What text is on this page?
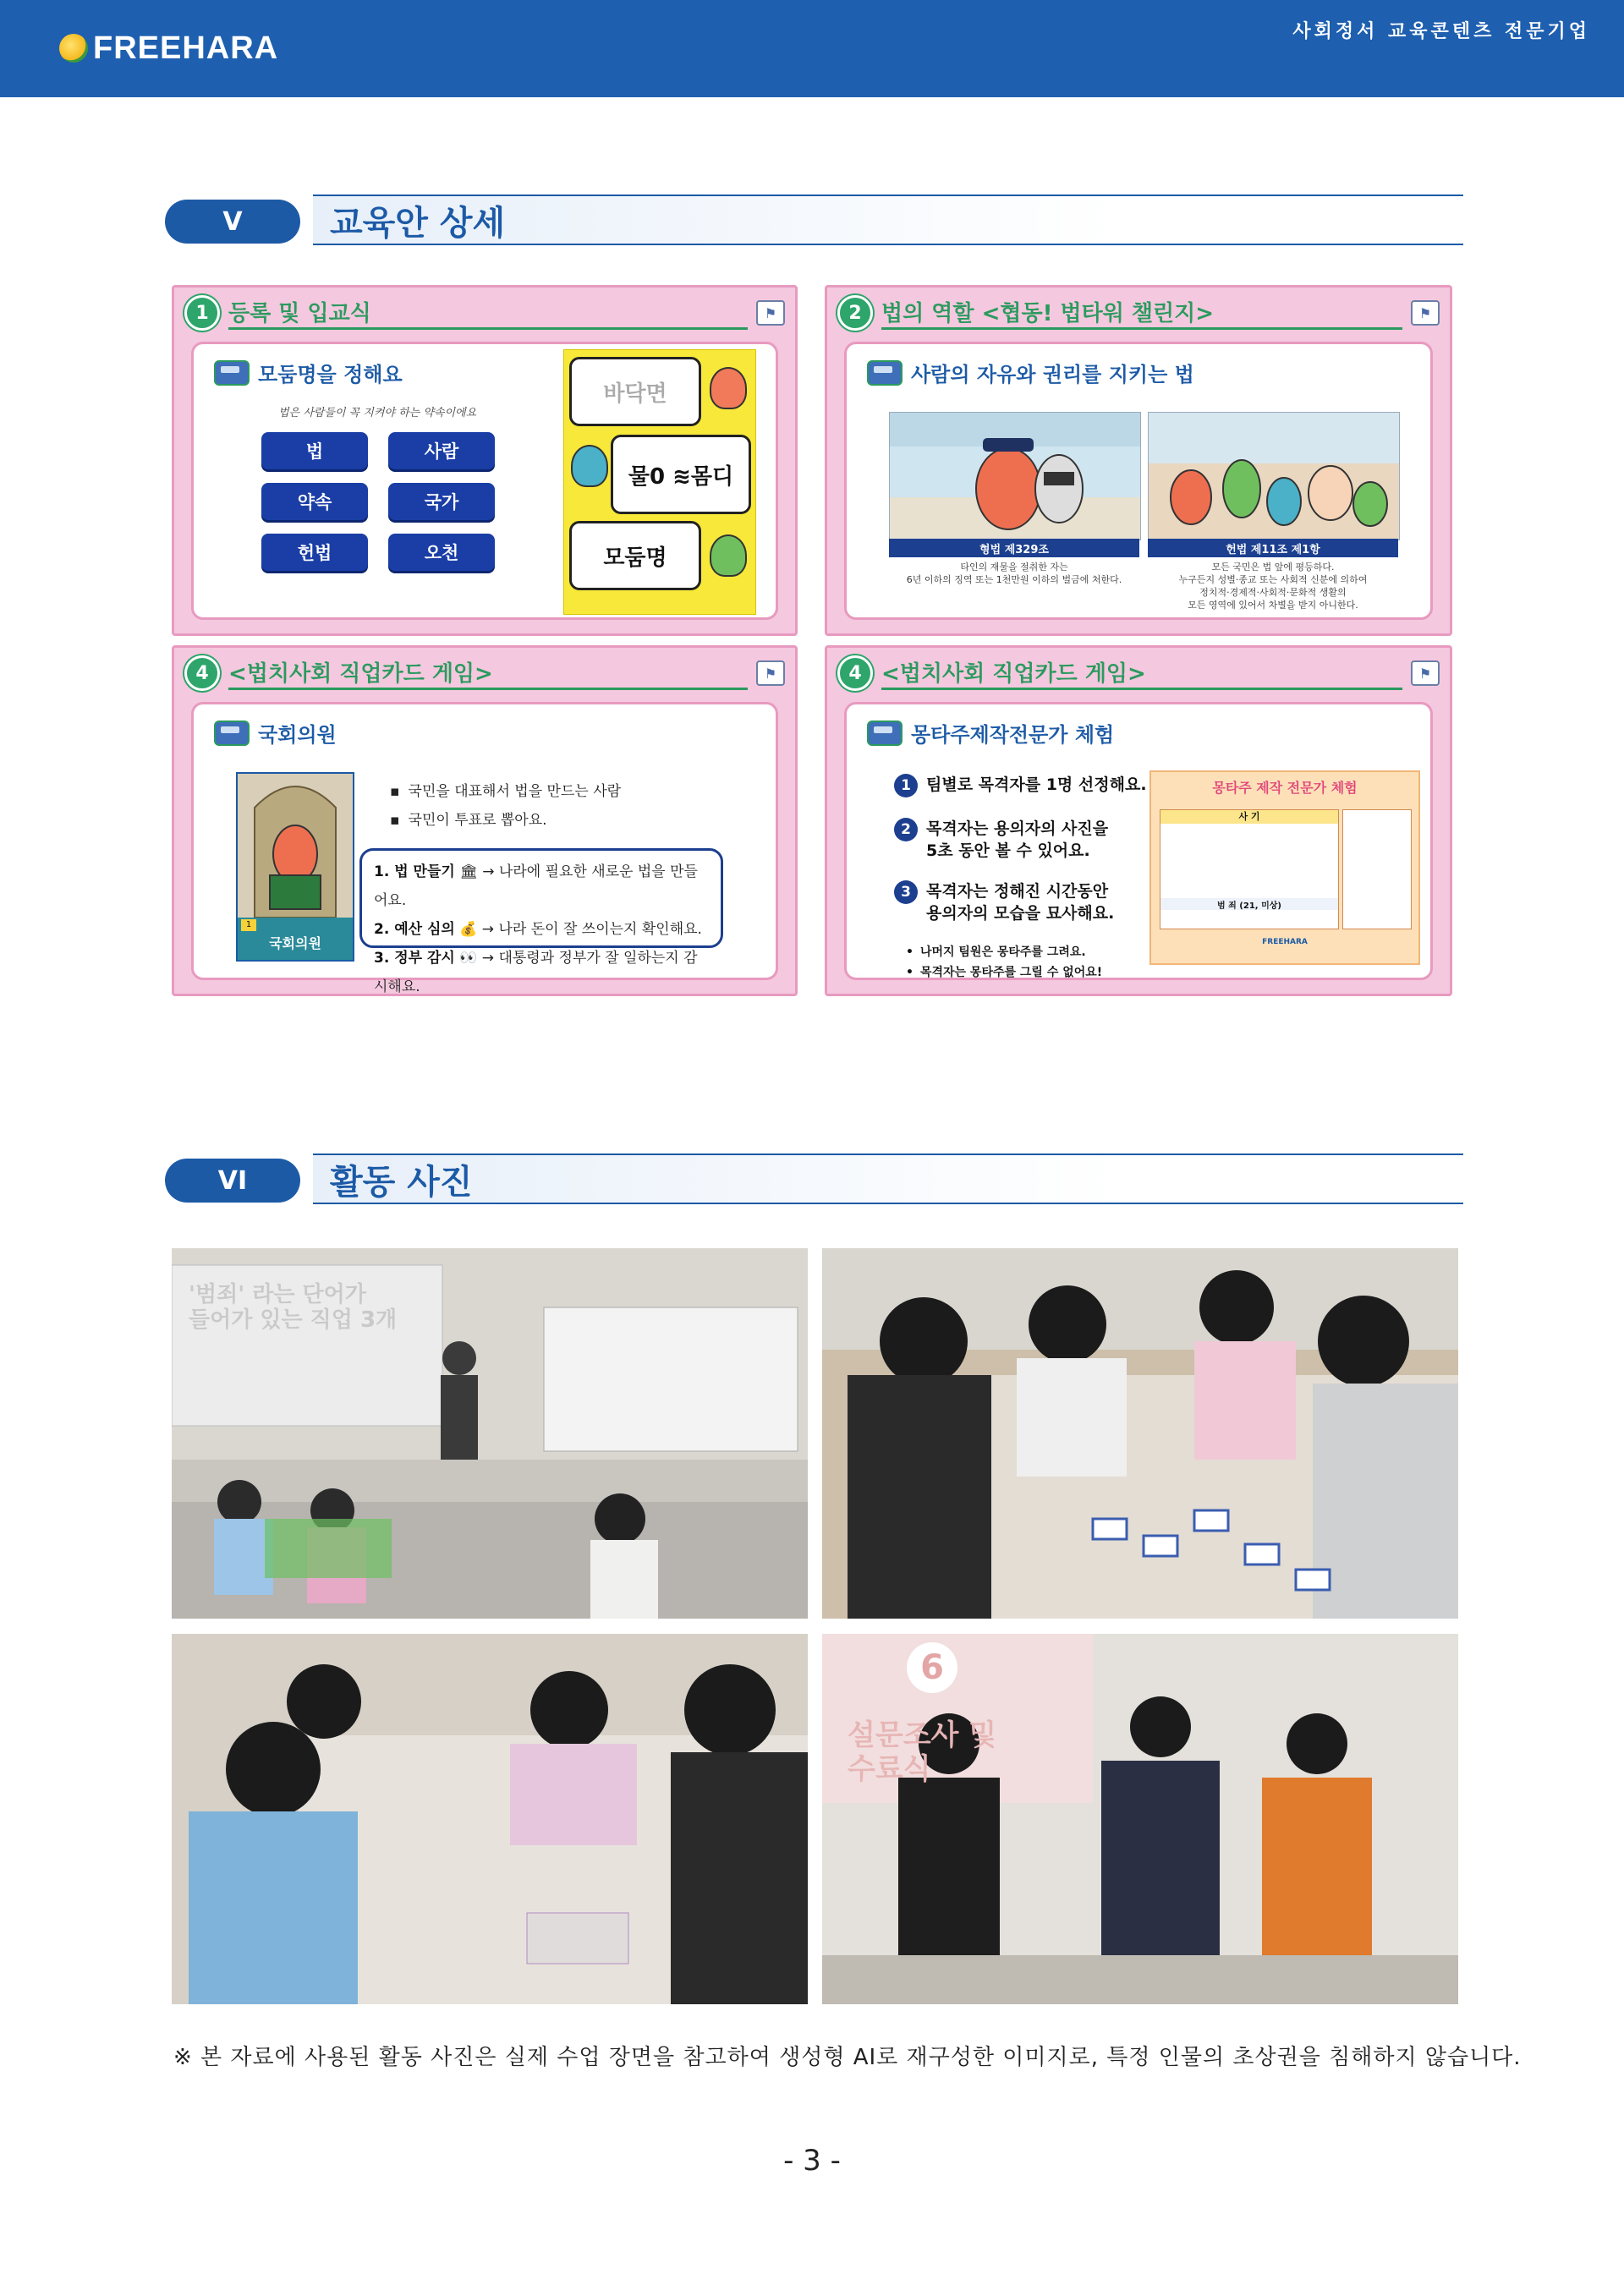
FREEHARA	사회정서 교육콘텐츠 전문기업
V	교육안 상세
1 등록 및 입교식	⚑
모둠명을 정해요
법은 사람들이 꼭 지켜야 하는 약속이에요
법	사람
약속	국가
헌법	오천
바닥면
물0 ≋몸디
모둠명
2 법의 역할 <협동! 법타워 챌린지>	⚑
사람의 자유와 권리를 지키는 법
형법 제329조
타인의 재물을 절취한 자는
6년 이하의 징역 또는 1천만원 이하의 벌금에 처한다.
헌법 제11조 제1항
모든 국민은 법 앞에 평등하다.
누구든지 성별·종교 또는 사회적 신분에 의하여
정치적·경제적·사회적·문화적 생활의
모든 영역에 있어서 차별을 받지 아니한다.
4 <법치사회 직업카드 게임>	⚑
국회의원
1
국회의원
▪ 국민을 대표해서 법을 만드는 사람
▪ 국민이 투표로 뽑아요.
1. 법 만들기 🏛 → 나라에 필요한 새로운 법을 만들어요.
2. 예산 심의 💰 → 나라 돈이 잘 쓰이는지 확인해요.
3. 정부 감시 👀 → 대통령과 정부가 잘 일하는지 감시해요.
4 <법치사회 직업카드 게임>	⚑
몽타주제작전문가 체험
1 팀별로 목격자를 1명 선정해요.
2 목격자는 용의자의 사진을
5초 동안 볼 수 있어요.
3 목격자는 정해진 시간동안
용의자의 모습을 묘사해요.
• 나머지 팀원은 몽타주를 그려요.
• 목격자는 몽타주를 그릴 수 없어요!
몽타주 제작 전문가 체험
사 기
범 죄 (21, 미상)
FREEHARA
VI	활동 사진
'범죄' 라는 단어가
들어가 있는 직업 3개
6
설문조사 및
수료식
※ 본 자료에 사용된 활동 사진은 실제 수업 장면을 참고하여 생성형 AI로 재구성한 이미지로, 특정 인물의 초상권을 침해하지 않습니다.
- 3 -
